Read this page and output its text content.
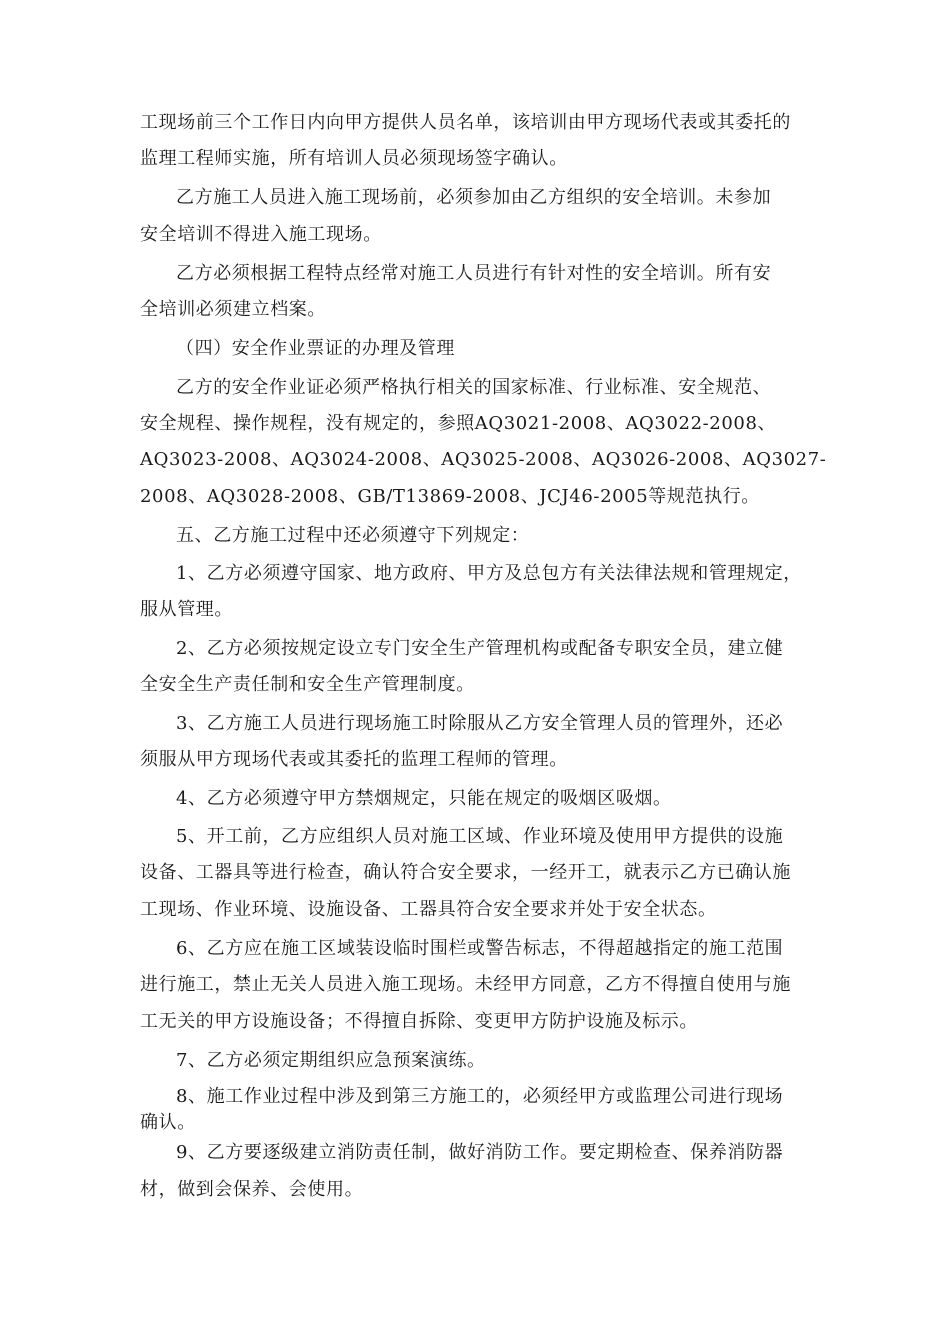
工现场前三个工作日内向甲方提供人员名单，该培训由甲方现场代表或其委托的
监理工程师实施，所有培训人员必须现场签字确认。
乙方施工人员进入施工现场前，必须参加由乙方组织的安全培训。未参加
安全培训不得进入施工现场。
乙方必须根据工程特点经常对施工人员进行有针对性的安全培训。所有安
全培训必须建立档案。
（四）安全作业票证的办理及管理
乙方的安全作业证必须严格执行相关的国家标准、行业标准、安全规范、
安全规程、操作规程，没有规定的，参照AQ3021-2008、AQ3022-2008、
AQ3023-2008、AQ3024-2008、AQ3025-2008、AQ3026-2008、AQ3027-
2008、AQ3028-2008、GB/T13869-2008、JCJ46-2005等规范执行。
五、乙方施工过程中还必须遵守下列规定：
1、乙方必须遵守国家、地方政府、甲方及总包方有关法律法规和管理规定，
服从管理。
2、乙方必须按规定设立专门安全生产管理机构或配备专职安全员，建立健
全安全生产责任制和安全生产管理制度。
3、乙方施工人员进行现场施工时除服从乙方安全管理人员的管理外，还必
须服从甲方现场代表或其委托的监理工程师的管理。
4、乙方必须遵守甲方禁烟规定，只能在规定的吸烟区吸烟。
5、开工前，乙方应组织人员对施工区域、作业环境及使用甲方提供的设施
设备、工器具等进行检查，确认符合安全要求，一经开工，就表示乙方已确认施
工现场、作业环境、设施设备、工器具符合安全要求并处于安全状态。
6、乙方应在施工区域装设临时围栏或警告标志，不得超越指定的施工范围
进行施工，禁止无关人员进入施工现场。未经甲方同意，乙方不得擅自使用与施
工无关的甲方设施设备；不得擅自拆除、变更甲方防护设施及标示。
7、乙方必须定期组织应急预案演练。
8、施工作业过程中涉及到第三方施工的，必须经甲方或监理公司进行现场
确认。
9、乙方要逐级建立消防责任制，做好消防工作。要定期检查、保养消防器
材，做到会保养、会使用。
